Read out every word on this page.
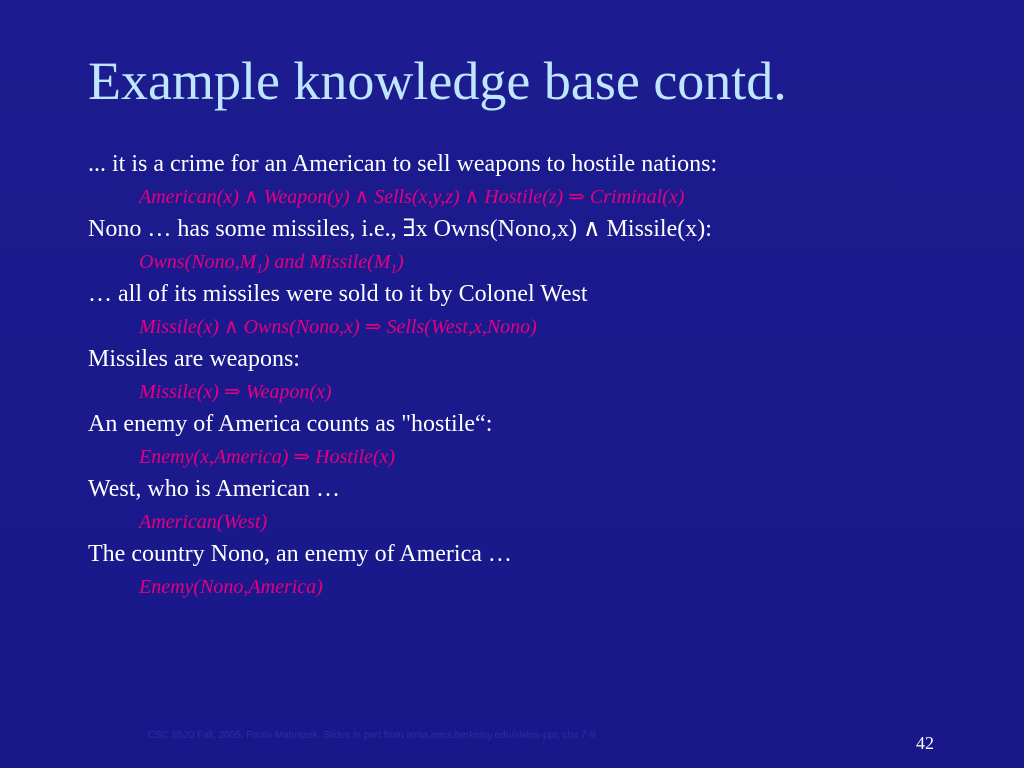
Example knowledge base contd.
... it is a crime for an American to sell weapons to hostile nations:
American(x) ∧ Weapon(y) ∧ Sells(x,y,z) ∧ Hostile(z) ⇒ Criminal(x)
Nono … has some missiles, i.e., ∃x Owns(Nono,x) ∧ Missile(x):
$Owns(Nono,M_1)$ and $Missile(M_1)$
… all of its missiles were sold to it by Colonel West
Missile(x) ∧ Owns(Nono,x) ⇒ Sells(West,x,Nono)
Missiles are weapons:
Missile(x) ⇒ Weapon(x)
An enemy of America counts as "hostile“:
Enemy(x,America) ⇒ Hostile(x)
West, who is American …
American(West)
The country Nono, an enemy of America …
Enemy(Nono,America)
CSC 8520 Fall, 2005. Paula Matuszek. Slides in part from aima.eecs.berkeley.edu/slides-ppt, chs 7-9	42
